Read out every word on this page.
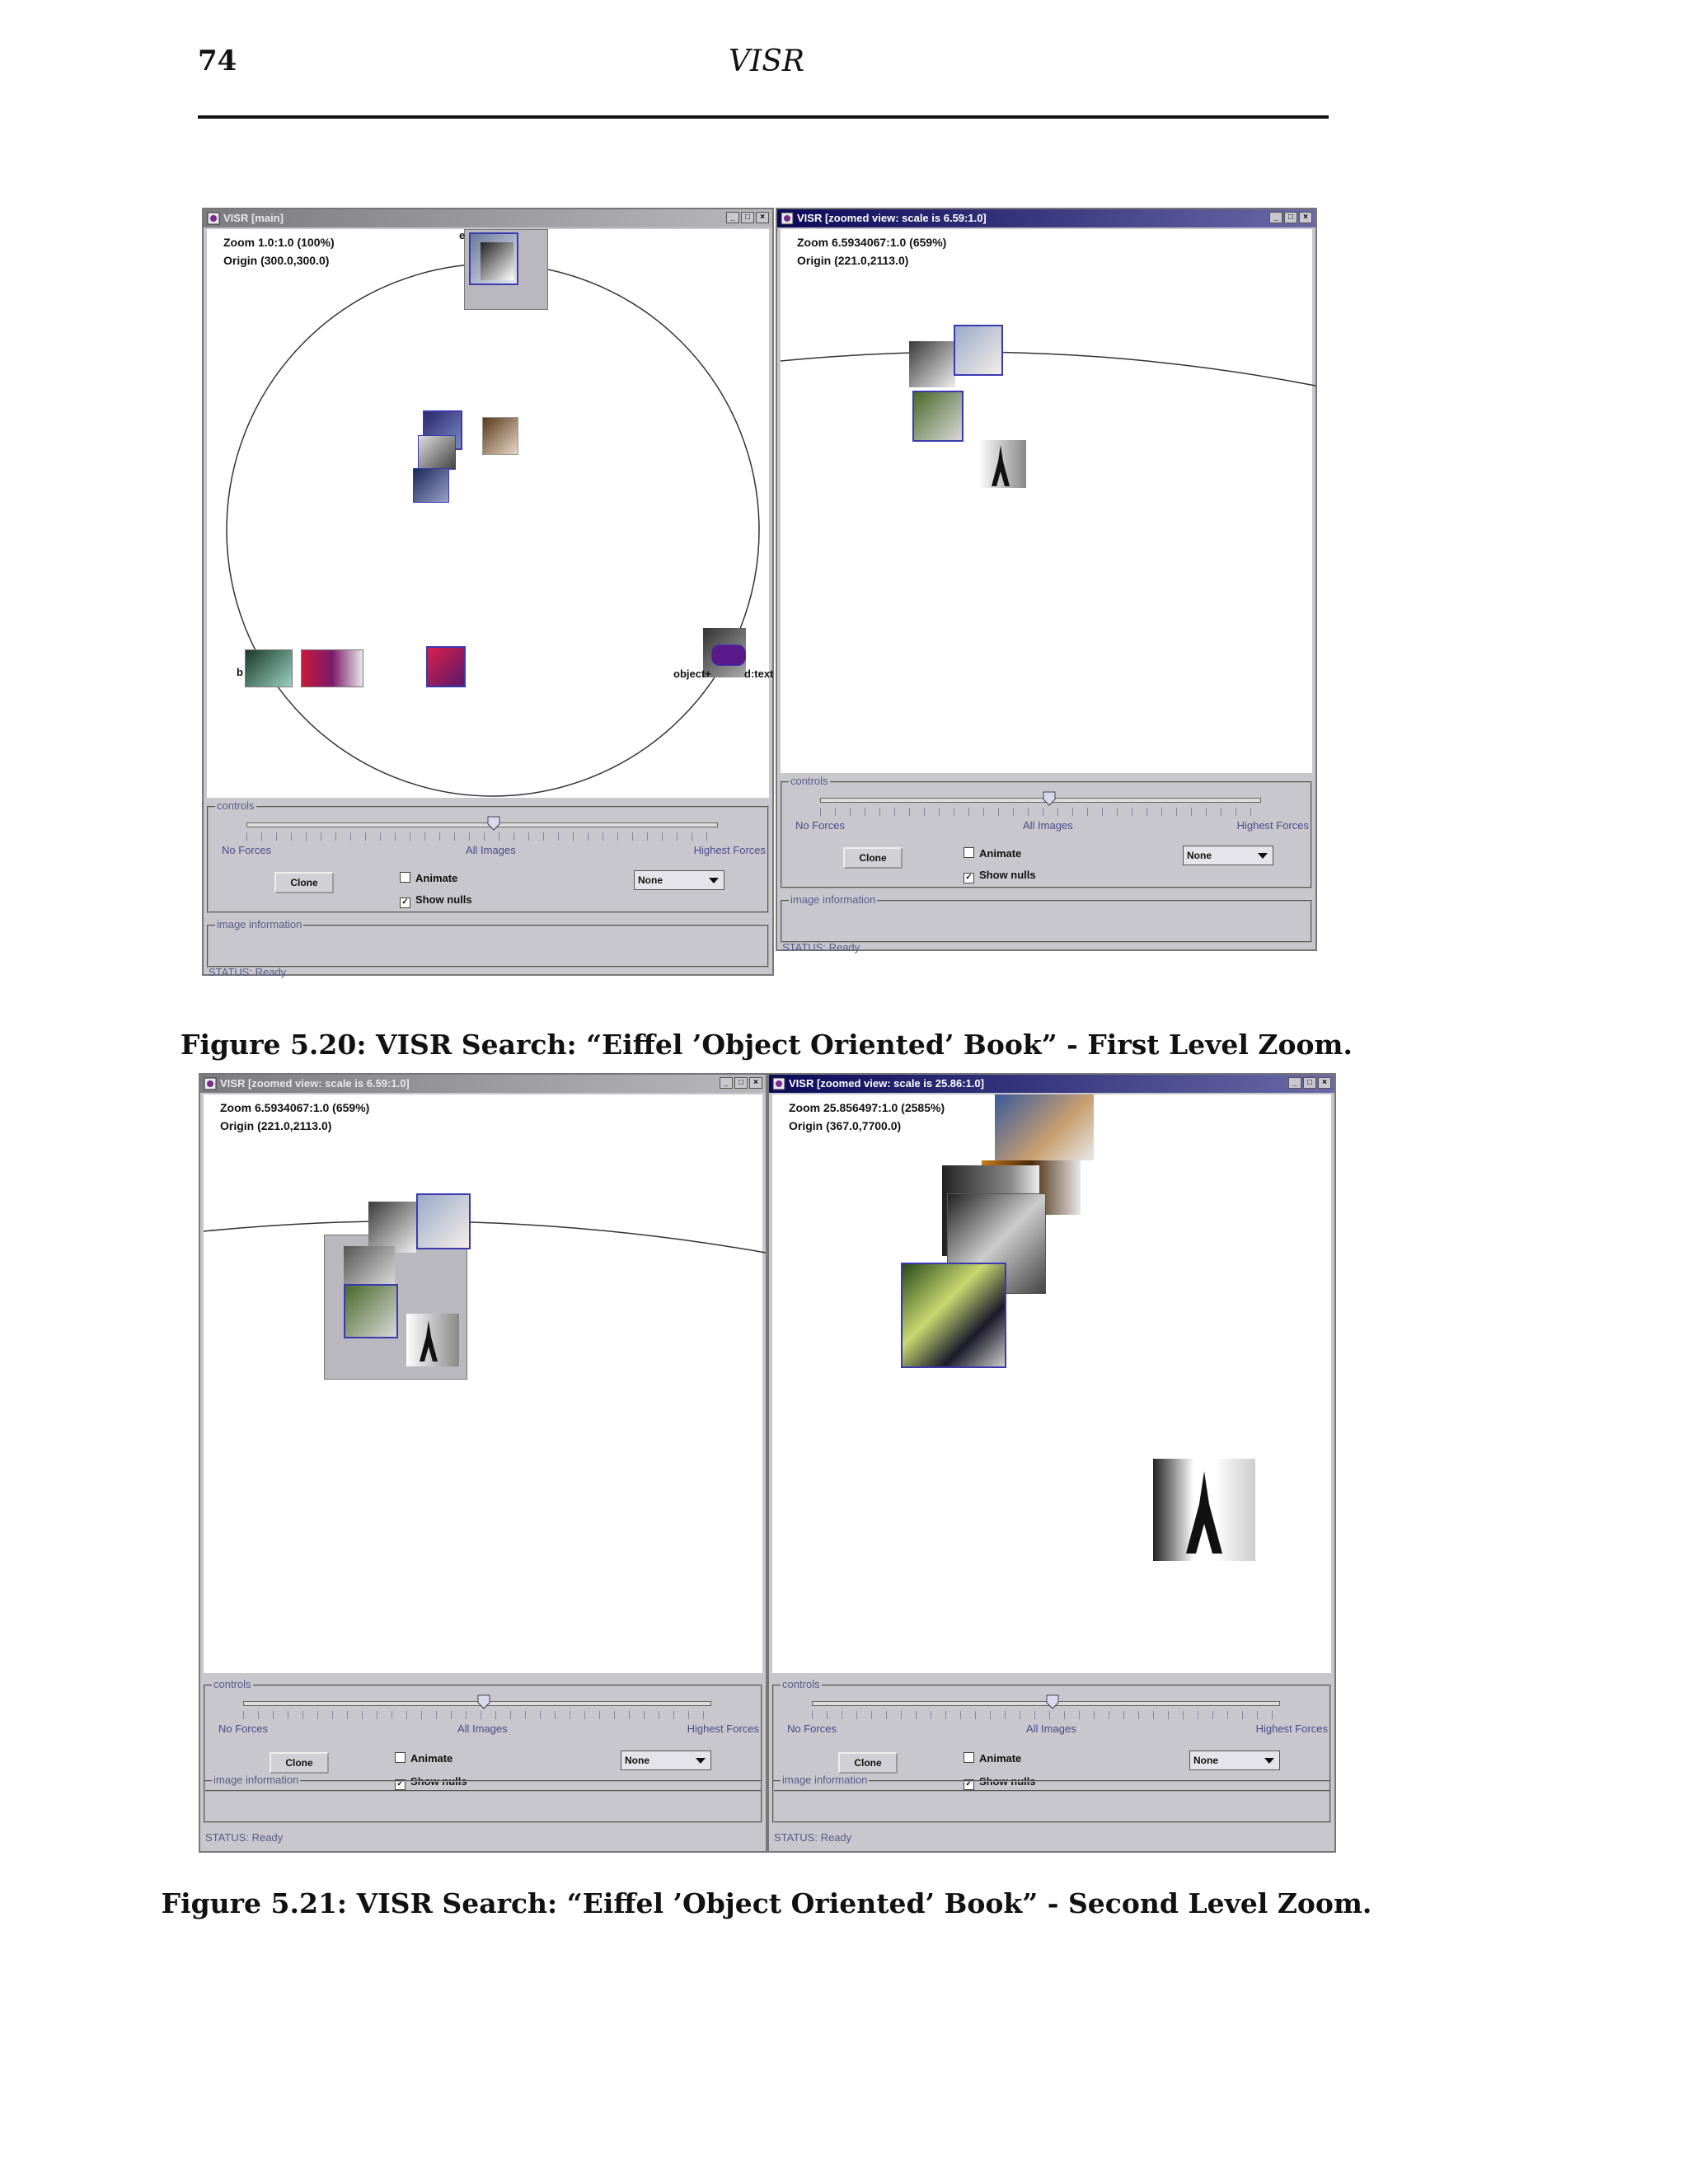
74	VISR
VISR [main]	_	□	×
Zoom 1.0:1.0 (100%)
Origin (300.0,300.0)
e
b	object+	d:text
controls
No Forces	All Images	Highest Forces
Clone	Animate
✓ Show nulls
None
image information
STATUS: Ready
VISR [zoomed view: scale is 6.59:1.0]	_	□	×
Zoom 6.5934067:1.0 (659%)
Origin (221.0,2113.0)
controls
No Forces	All Images	Highest Forces
Clone	Animate
✓ Show nulls
None
image information
STATUS: Ready
Figure 5.20: VISR Search: “Eiffel ’Object Oriented’ Book” - First Level Zoom.
VISR [zoomed view: scale is 6.59:1.0]	_	□	×
Zoom 6.5934067:1.0 (659%)
Origin (221.0,2113.0)
controls
No Forces	All Images	Highest Forces
Clone	Animate
✓ Show nulls
None
image information
STATUS: Ready
VISR [zoomed view: scale is 25.86:1.0]	_	□	×
Zoom 25.856497:1.0 (2585%)
Origin (367.0,7700.0)
controls
No Forces	All Images	Highest Forces
Clone	Animate
✓ Show nulls
None
image information
STATUS: Ready
Figure 5.21: VISR Search: “Eiffel ’Object Oriented’ Book” - Second Level Zoom.
